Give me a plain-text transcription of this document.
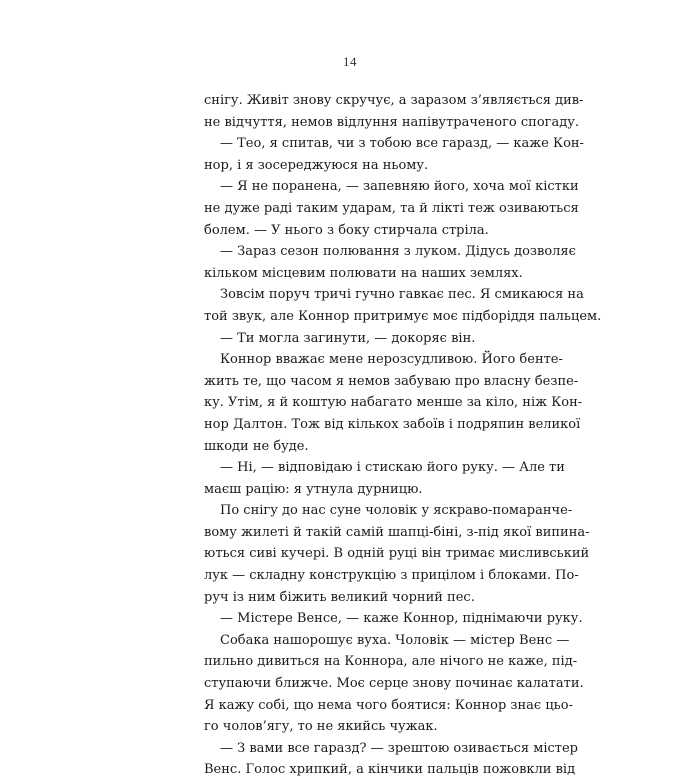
14
снігу. Живіт знову скручує, а заразом з’являється див-
не відчуття, немов відлуння напівутраченого спогаду.
— Тео, я спитав, чи з тобою все гаразд, — каже Кон-
нор, і я зосереджуюся на ньому.
— Я не поранена, — запевняю його, хоча мої кістки
не дуже раді таким ударам, та й лікті теж озиваються
болем. — У нього з боку стирчала стріла.
— Зараз сезон полювання з луком. Дідусь дозволяє
кільком місцевим полювати на наших землях.
Зовсім поруч тричі гучно гавкає пес. Я смикаюся на
той звук, але Коннор притримує моє підборіддя пальцем.
— Ти могла загинути, — докоряє він.
Коннор вважає мене нерозсудливою. Його бенте-
жить те, що часом я немов забуваю про власну безпе-
ку. Утім, я й коштую набагато менше за кіло, ніж Кон-
нор Далтон. Тож від кількох забоїв і подряпин великої
шкоди не буде.
— Ні, — відповідаю і стискаю його руку. — Але ти
маєш рацію: я утнула дурницю.
По снігу до нас суне чоловік у яскраво-помаранче-
вому жилеті й такій самій шапці-біні, з-під якої випина-
ються сиві кучері. В одній руці він тримає мисливський
лук — складну конструкцію з прицілом і блоками. По-
руч із ним біжить великий чорний пес.
— Містере Венсе, — каже Коннор, піднімаючи руку.
Собака нашорошує вуха. Чоловік — містер Венс —
пильно дивиться на Коннора, але нічого не каже, під-
ступаючи ближче. Моє серце знову починає калатати.
Я кажу собі, що нема чого боятися: Коннор знає цьо-
го чолов’ягу, то не якийсь чужак.
— З вами все гаразд? — зрештою озивається містер
Венс. Голос хрипкий, а кінчики пальців пожовкли від
